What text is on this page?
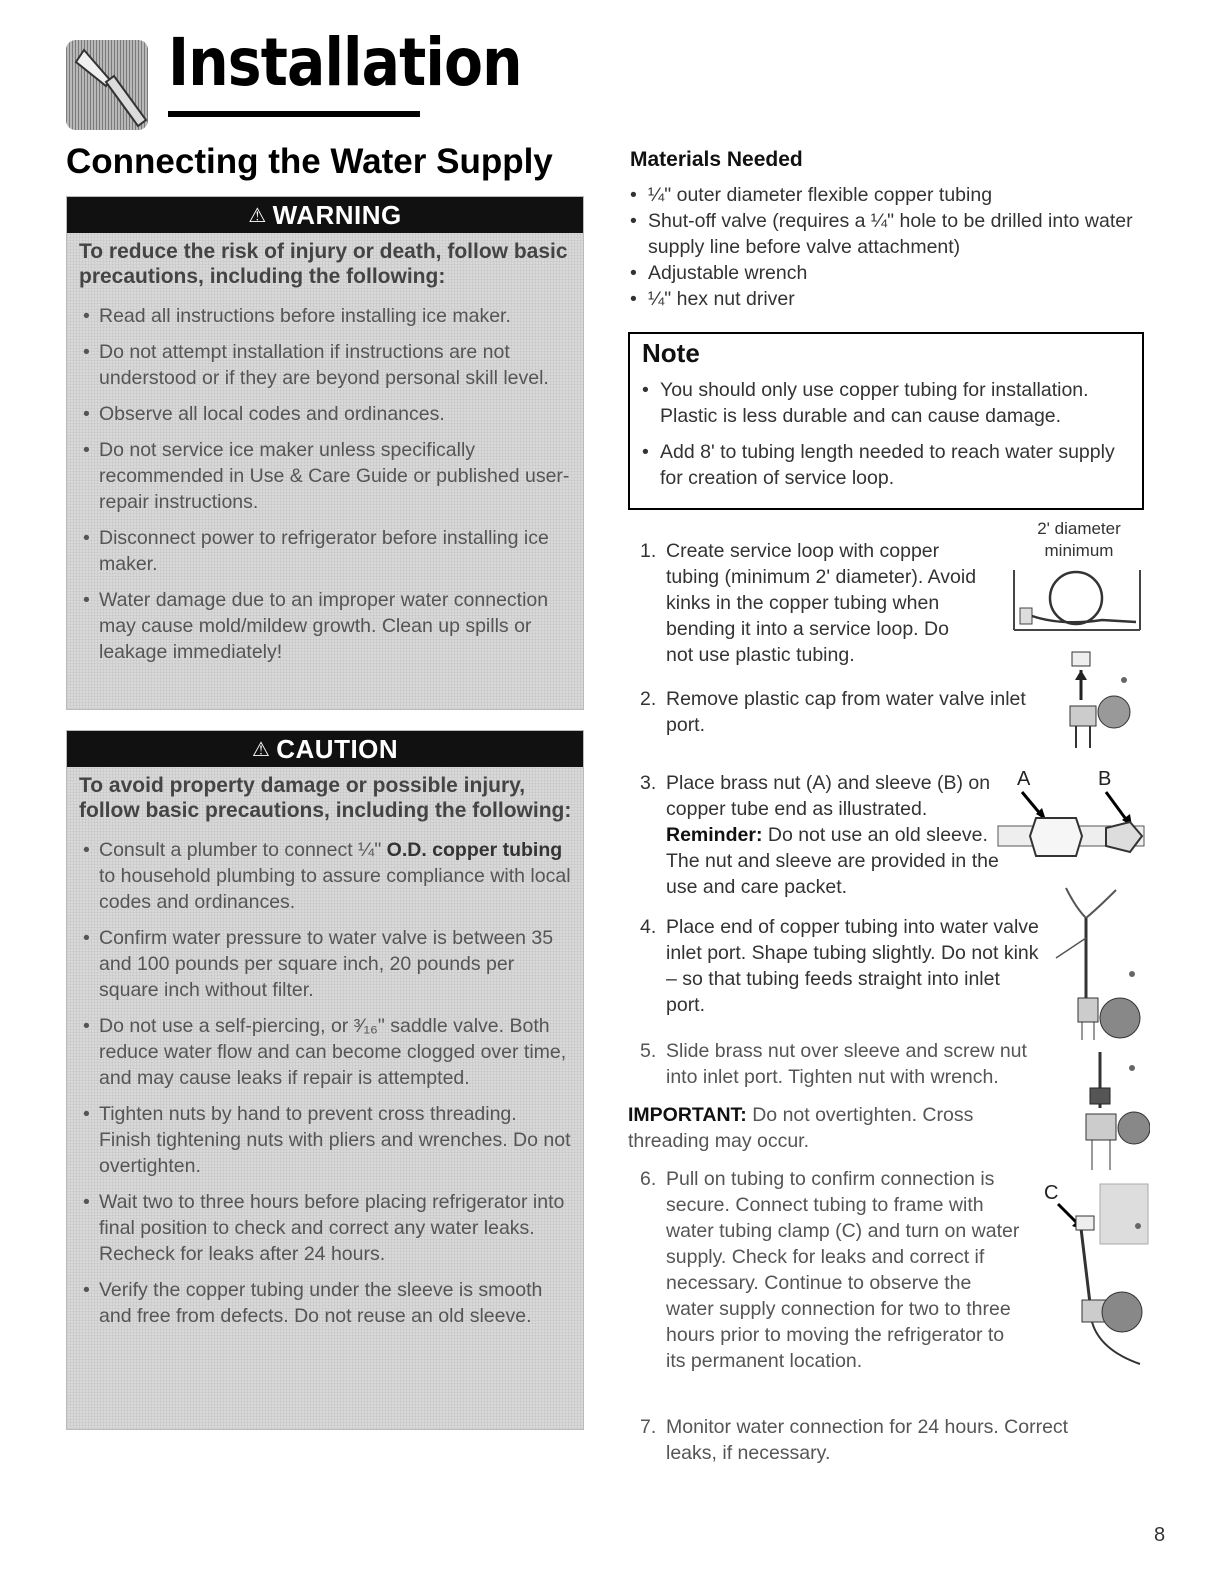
Installation
Connecting the Water Supply
⚠ WARNING
To reduce the risk of injury or death, follow basic precautions, including the following:
• Read all instructions before installing ice maker.
• Do not attempt installation if instructions are not understood or if they are beyond personal skill level.
• Observe all local codes and ordinances.
• Do not service ice maker unless specifically recommended in Use & Care Guide or published user-repair instructions.
• Disconnect power to refrigerator before installing ice maker.
• Water damage due to an improper water connection may cause mold/mildew growth. Clean up spills or leakage immediately!
⚠ CAUTION
To avoid property damage or possible injury, follow basic precautions, including the following:
• Consult a plumber to connect ¼" O.D. copper tubing to household plumbing to assure compliance with local codes and ordinances.
• Confirm water pressure to water valve is between 35 and 100 pounds per square inch, 20 pounds per square inch without filter.
• Do not use a self-piercing, or ³⁄₁₆" saddle valve. Both reduce water flow and can become clogged over time, and may cause leaks if repair is attempted.
• Tighten nuts by hand to prevent cross threading. Finish tightening nuts with pliers and wrenches. Do not overtighten.
• Wait two to three hours before placing refrigerator into final position to check and correct any water leaks. Recheck for leaks after 24 hours.
• Verify the copper tubing under the sleeve is smooth and free from defects. Do not reuse an old sleeve.
Materials Needed
• ¼" outer diameter flexible copper tubing
• Shut-off valve (requires a ¼" hole to be drilled into water supply line before valve attachment)
• Adjustable wrench
• ¼" hex nut driver
Note
• You should only use copper tubing for installation. Plastic is less durable and can cause damage.
• Add 8' to tubing length needed to reach water supply for creation of service loop.
1. Create service loop with copper tubing (minimum 2' diameter). Avoid kinks in the copper tubing when bending it into a service loop. Do not use plastic tubing.
2. Remove plastic cap from water valve inlet port.
3. Place brass nut (A) and sleeve (B) on copper tube end as illustrated. Reminder: Do not use an old sleeve. The nut and sleeve are provided in the use and care packet.
4. Place end of copper tubing into water valve inlet port. Shape tubing slightly. Do not kink – so that tubing feeds straight into inlet port.
5. Slide brass nut over sleeve and screw nut into inlet port. Tighten nut with wrench.
IMPORTANT: Do not overtighten. Cross threading may occur.
6. Pull on tubing to confirm connection is secure. Connect tubing to frame with water tubing clamp (C) and turn on water supply. Check for leaks and correct if necessary. Continue to observe the water supply connection for two to three hours prior to moving the refrigerator to its permanent location.
7. Monitor water connection for 24 hours. Correct leaks, if necessary.
2' diameter minimum
A	B
C
8
